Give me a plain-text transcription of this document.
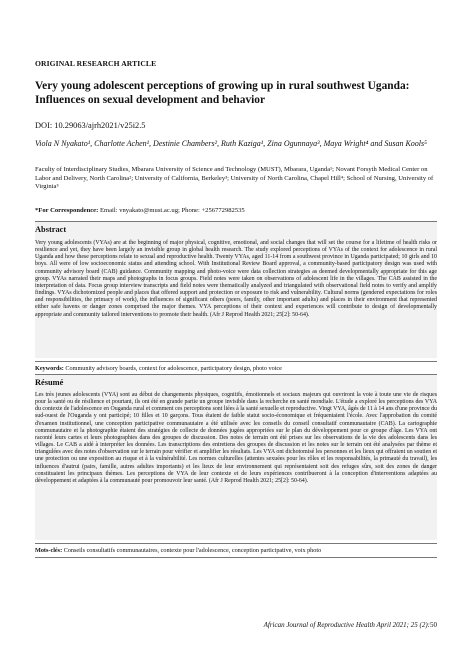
ORIGINAL RESEARCH ARTICLE
Very young adolescent perceptions of growing up in rural southwest Uganda: Influences on sexual development and behavior
DOI: 10.29063/ajrh2021/v25i2.5
Viola N Nyakato¹, Charlotte Achen¹, Destinie Chambers², Ruth Kaziga¹, Zina Ogunnaya³, Maya Wright⁴ and Susan Kools⁵
Faculty of Interdisciplinary Studies, Mbarara University of Science and Technology (MUST), Mbarara, Uganda¹; Novant Forsyth Medical Center on Labor and Delivery, North Carolina²; University of California, Berkeley³; University of North Carolina, Chapel Hill⁴; School of Nursing, University of Virginia⁵
*For Correspondence: Email: vnyakato@must.ac.ug; Phone: +256772982535
Abstract
Very young adolescents (VYAs) are at the beginning of major physical, cognitive, emotional, and social changes that will set the course for a lifetime of health risks or resilience and yet, they have been largely an invisible group in global health research. The study explored perceptions of VYAs of the context for adolescence in rural Uganda and how these perceptions relate to sexual and reproductive health. Twenty VYAs, aged 11-14 from a southwest province in Uganda participated; 10 girls and 10 boys. All were of low socioeconomic status and attending school. With Institutional Review Board approval, a community-based participatory design was used with community advisory board (CAB) guidance. Community mapping and photo-voice were data collection strategies as deemed developmentally appropriate for this age group. VYAs narrated their maps and photographs in focus groups. Field notes were taken on observations of adolescent life in the villages. The CAB assisted in the interpretation of data. Focus group interview transcripts and field notes were thematically analyzed and triangulated with observational field notes to verify and amplify findings. VYAs dichotomized people and places that offered support and protection or exposure to risk and vulnerability. Cultural norms (gendered expectations for roles and responsibilities, the primacy of work), the influences of significant others (peers, family, other important adults) and places in their environment that represented either safe havens or danger zones comprised the major themes. VYA perceptions of their context and experiences will contribute to design of developmentally appropriate and community tailored interventions to promote their health. (Afr J Reprod Health 2021; 25[2]: 50-64).
Keywords: Community advisory boards, context for adolescence, participatory design, photo voice
Résumé
Les très jeunes adolescents (VYA) sont au début de changements physiques, cognitifs, émotionnels et sociaux majeurs qui ouvriront la voie à toute une vie de risques pour la santé ou de résilience et pourtant, ils ont été en grande partie un groupe invisible dans la recherche en santé mondiale. L'étude a exploré les perceptions des VYA du contexte de l'adolescence en Ouganda rural et comment ces perceptions sont liées à la santé sexuelle et reproductive. Vingt VYA, âgés de 11 à 14 ans d'une province du sud-ouest de l'Ouganda y ont participé; 10 filles et 10 garçons. Tous étaient de faible statut socio-économique et fréquentaient l'école. Avec l'approbation du comité d'examen institutionnel, une conception participative communautaire a été utilisée avec les conseils du conseil consultatif communautaire (CAB). La cartographie communautaire et la photographie étaient des stratégies de collecte de données jugées appropriées sur le plan du développement pour ce groupe d'âge. Les VYA ont raconté leurs cartes et leurs photographies dans des groupes de discussion. Des notes de terrain ont été prises sur les observations de la vie des adolescents dans les villages. Le CAB a aidé à interpréter les données. Les transcriptions des entretiens des groupes de discussion et les notes sur le terrain ont été analysées par thème et triangulées avec des notes d'observation sur le terrain pour vérifier et amplifier les résultats. Les VYA ont dichotomisé les personnes et les lieux qui offraient un soutien et une protection ou une exposition au risque et à la vulnérabilité. Les normes culturelles (attentes sexuées pour les rôles et les responsabilités, la primauté du travail), les influences d'autrui (pairs, famille, autres adultes importants) et les lieux de leur environnement qui représentaient soit des refuges sûrs, soit des zones de danger constituaient les principaux thèmes. Les perceptions de VYA de leur contexte et de leurs expériences contribueront à la conception d'interventions adaptées au développement et adaptées à la communauté pour promouvoir leur santé. (Afr J Reprod Health 2021; 25[2]: 50-64).
Mots-clés: Conseils consultatifs communautaires, contexte pour l'adolescence, conception participative, voix photo
African Journal of Reproductive Health April 2021; 25 (2):50
